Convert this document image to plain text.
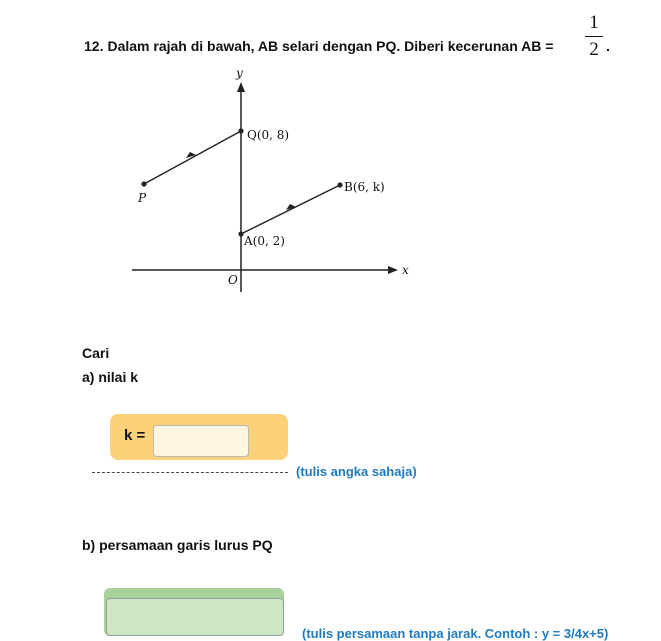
12. Dalam rajah di bawah, AB selari dengan PQ. Diberi kecerunan AB =
1
2 .
y
x
O
Q(0, 8)
P
B(6, k)
A(0, 2)
Cari
a) nilai k
k =
(tulis angka sahaja)
b) persamaan garis lurus PQ
(tulis persamaan tanpa jarak. Contoh : y = 3/4x+5)
